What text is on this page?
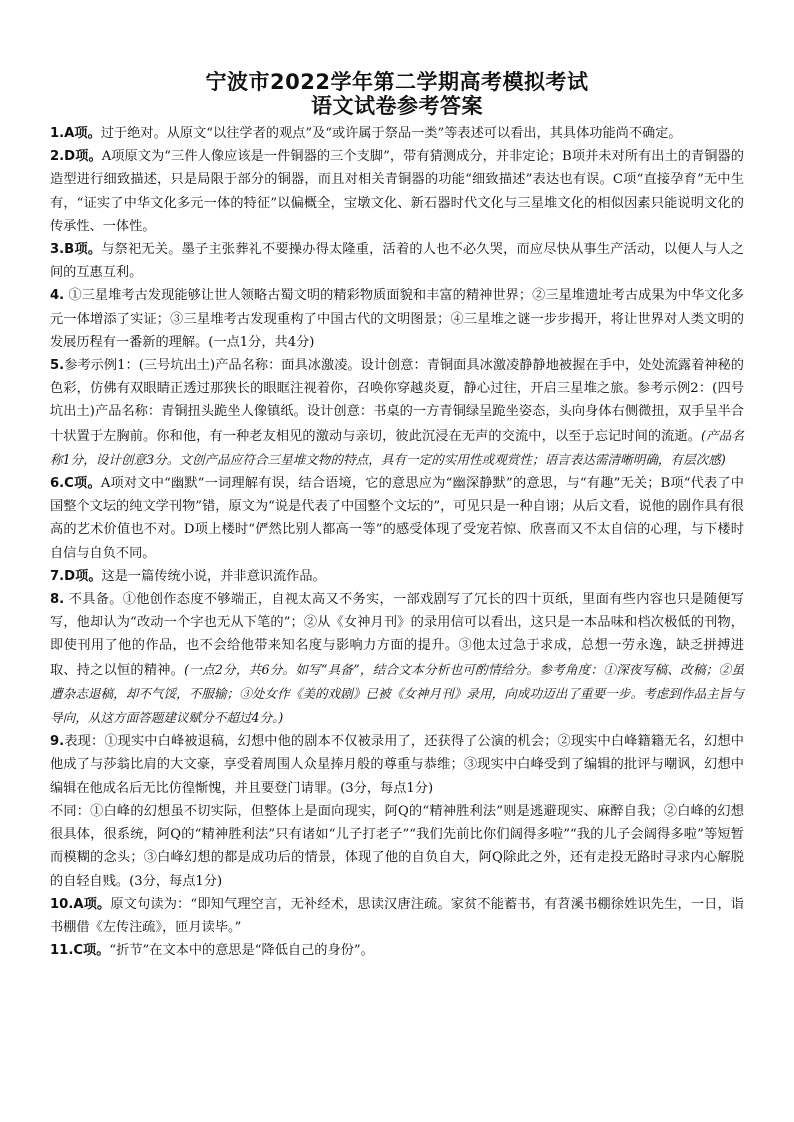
宁波市2022学年第二学期高考模拟考试
语文试卷参考答案

1.A项。过于绝对。从原文“以往学者的观点”及“或许属于祭品一类”等表述可以看出，其具体功能尚不确定。

2.D项。A项原文为“三件人像应该是一件铜器的三个支脚”，带有猜测成分，并非定论；B项并未对所有出土的青铜器的造型进行细致描述，只是局限于部分的铜器，而且对相关青铜器的功能“细致描述”表达也有误。C项“直接孕育”无中生有，“证实了中华文化多元一体的特征”以偏概全，宝墩文化、新石器时代文化与三星堆文化的相似因素只能说明文化的传承性、一体性。

3.B项。与祭祀无关。墨子主张葬礼不要操办得太隆重，活着的人也不必久哭，而应尽快从事生产活动，以便人与人之间的互惠互利。

4. ①三星堆考古发现能够让世人领略古蜀文明的精彩物质面貌和丰富的精神世界；②三星堆遗址考古成果为中华文化多元一体增添了实证；③三星堆考古发现重构了中国古代的文明图景；④三星堆之谜一步步揭开，将让世界对人类文明的发展历程有一番新的理解。(一点1分，共4分)

5.参考示例1：(三号坑出土)产品名称：面具冰激凌。设计创意：青铜面具冰激凌静静地被握在手中，处处流露着神秘的色彩，仿佛有双眼睛正透过那狭长的眼眶注视着你，召唤你穿越炎夏，静心过往，开启三星堆之旅。参考示例2：(四号坑出土)产品名称：青铜扭头跪坐人像镇纸。设计创意：书桌的一方青铜绿呈跪坐姿态，头向身体右侧微扭，双手呈半合十状置于左胸前。你和他，有一种老友相见的激动与亲切，彼此沉浸在无声的交流中，以至于忘记时间的流逝。(产品名称1分，设计创意3分。文创产品应符合三星堆文物的特点，具有一定的实用性或观赏性；语言表达需清晰明确，有层次感)

6.C项。A项对文中“幽默”一词理解有误，结合语境，它的意思应为“幽深静默”的意思，与“有趣”无关；B项“代表了中国整个文坛的纯文学刊物”错，原文为“说是代表了中国整个文坛的”，可见只是一种自诩；从后文看，说他的剧作具有很高的艺术价值也不对。D项上楼时“俨然比别人都高一等”的感受体现了受宠若惊、欣喜而又不太自信的心理，与下楼时自信与自负不同。

7.D项。这是一篇传统小说，并非意识流作品。

8. 不具备。①他创作态度不够端正，自视太高又不务实，一部戏剧写了冗长的四十页纸，里面有些内容也只是随便写写，他却认为“改动一个字也无从下笔的”；②从《女神月刊》的录用信可以看出，这只是一本品味和档次极低的刊物，即使刊用了他的作品，也不会给他带来知名度与影响力方面的提升。③他太过急于求成，总想一劳永逸，缺乏拼搏进取、持之以恒的精神。(一点2分，共6分。如写“具备”，结合文本分析也可酌情给分。参考角度：①深夜写稿、改稿；②虽遭杂志退稿，却不气馁，不服输；③处女作《美的戏剧》已被《女神月刊》录用，向成功迈出了重要一步。考虑到作品主旨与导向，从这方面答题建议赋分不超过4分。)

9.表现：①现实中白峰被退稿，幻想中他的剧本不仅被录用了，还获得了公演的机会；②现实中白峰籍籍无名，幻想中他成了与莎翁比肩的大文豪，享受着周围人众星捧月般的尊重与恭维；③现实中白峰受到了编辑的批评与嘲讽，幻想中编辑在他成名后无比仿徨惭愧，并且要登门请罪。(3分，每点1分)

不同：①白峰的幻想虽不切实际，但整体上是面向现实，阿Q的“精神胜利法”则是逃避现实、麻醉自我；②白峰的幻想很具体，很系统，阿Q的“精神胜利法”只有诸如“儿子打老子”“我们先前比你们阔得多啦”“我的儿子会阔得多啦”等短暂而模糊的念头；③白峰幻想的都是成功后的情景，体现了他的自负自大，阿Q除此之外，还有走投无路时寻求内心解脱的自轻自贱。(3分，每点1分)

10.A项。原文句读为：“即知气理空言，无补经术，思读汉唐注疏。家贫不能蓄书，有苕溪书棚徐姓识先生，一日，诣书棚借《左传注疏》，匝月读毕。”

11.C项。“折节”在文本中的意思是“降低自己的身份”。
